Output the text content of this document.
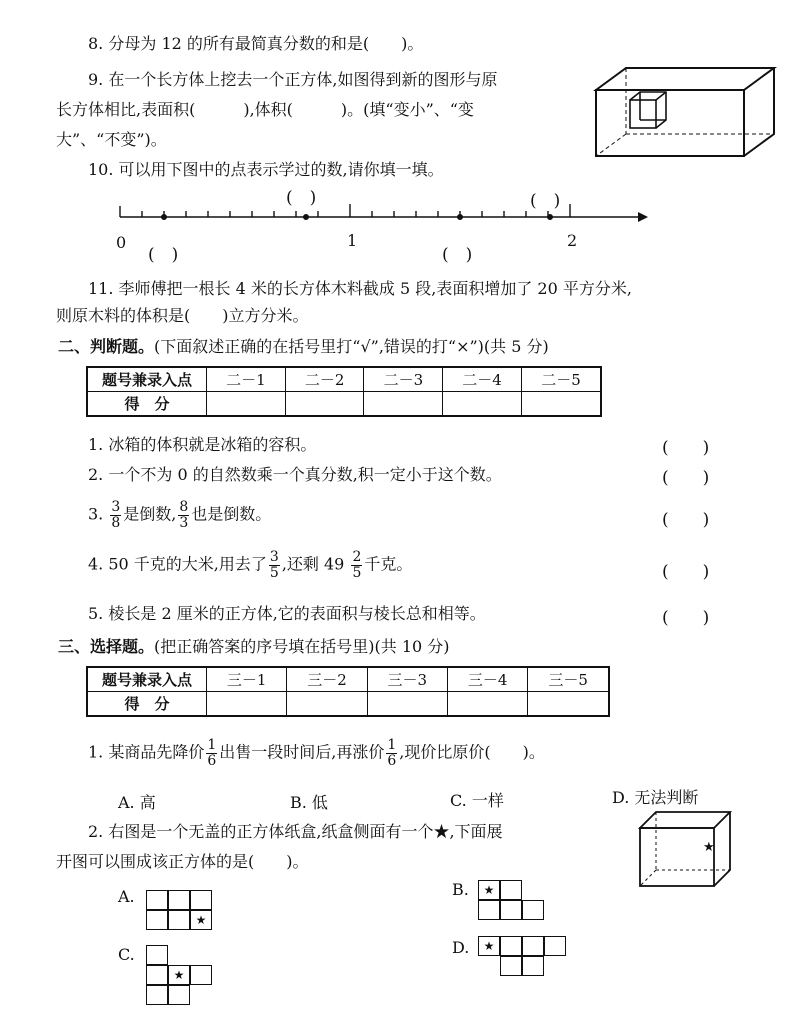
8. 分母为 12 的所有最简真分数的和是(　　)。
9. 在一个长方体上挖去一个正方体,如图得到新的图形与原
长方体相比,表面积(　　　),体积(　　　)。(填“变小”、“变
大”、“不变”)。
10. 可以用下图中的点表示学过的数,请你填一填。
0	1	2
(　)
(　)
(　)
(　)
11. 李师傅把一根长 4 米的长方体木料截成 5 段,表面积增加了 20 平方分米,
则原木料的体积是(　　)立方分米。
二、判断题。(下面叙述正确的在括号里打“√”,错误的打“×”)(共 5 分)
题号兼录入点	二－1	二－2	二－3	二－4	二－5
得　分					
1. 冰箱的体积就是冰箱的容积。	(　　)
2. 一个不为 0 的自然数乘一个真分数,积一定小于这个数。	(　　)
3. $\frac{3}{8}$ 是倒数, $\frac{8}{3}$ 也是倒数。	(　　)
4. 50 千克的大米,用去了 $\frac{3}{5}$ ,还剩 $49 \frac{2}{5}$ 千克。	(　　)
5. 棱长是 2 厘米的正方体,它的表面积与棱长总和相等。	(　　)
三、选择题。(把正确答案的序号填在括号里)(共 10 分)
题号兼录入点	三－1	三－2	三－3	三－4	三－5
得　分					
1. 某商品先降价 $\frac{1}{6}$ 出售一段时间后,再涨价 $\frac{1}{6}$ ,现价比原价(　　)。
A. 高	B. 低	C. 一样	D. 无法判断
2. 右图是一个无盖的正方体纸盒,纸盒侧面有一个★,下面展
开图可以围成该正方体的是(　　)。
★
A.
★
B.	★
C.
★
D.	★
